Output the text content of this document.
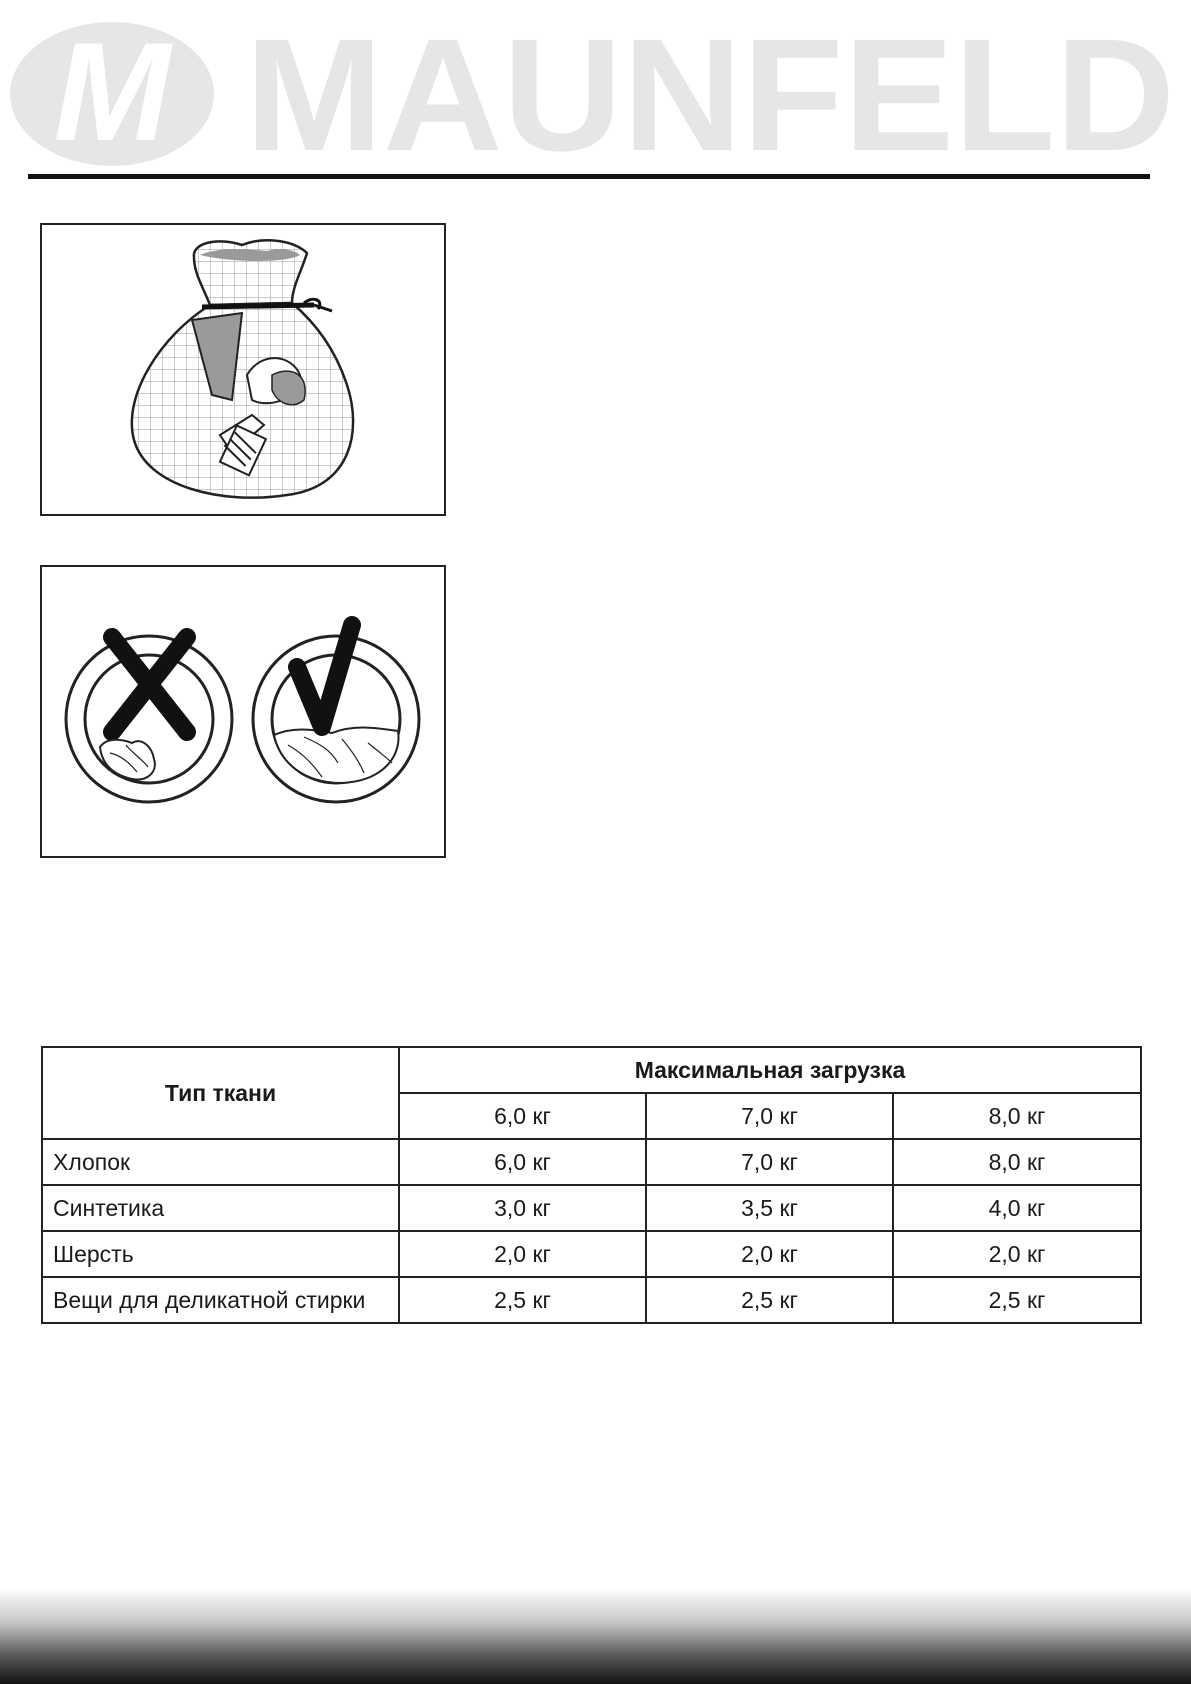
M MAUNFELD
Тип ткани	Максимальная загрузка		
	6,0 кг	7,0 кг	8,0 кг
Хлопок	6,0 кг	7,0 кг	8,0 кг
Синтетика	3,0 кг	3,5 кг	4,0 кг
Шерсть	2,0 кг	2,0 кг	2,0 кг
Вещи для деликатной стирки	2,5 кг	2,5 кг	2,5 кг
